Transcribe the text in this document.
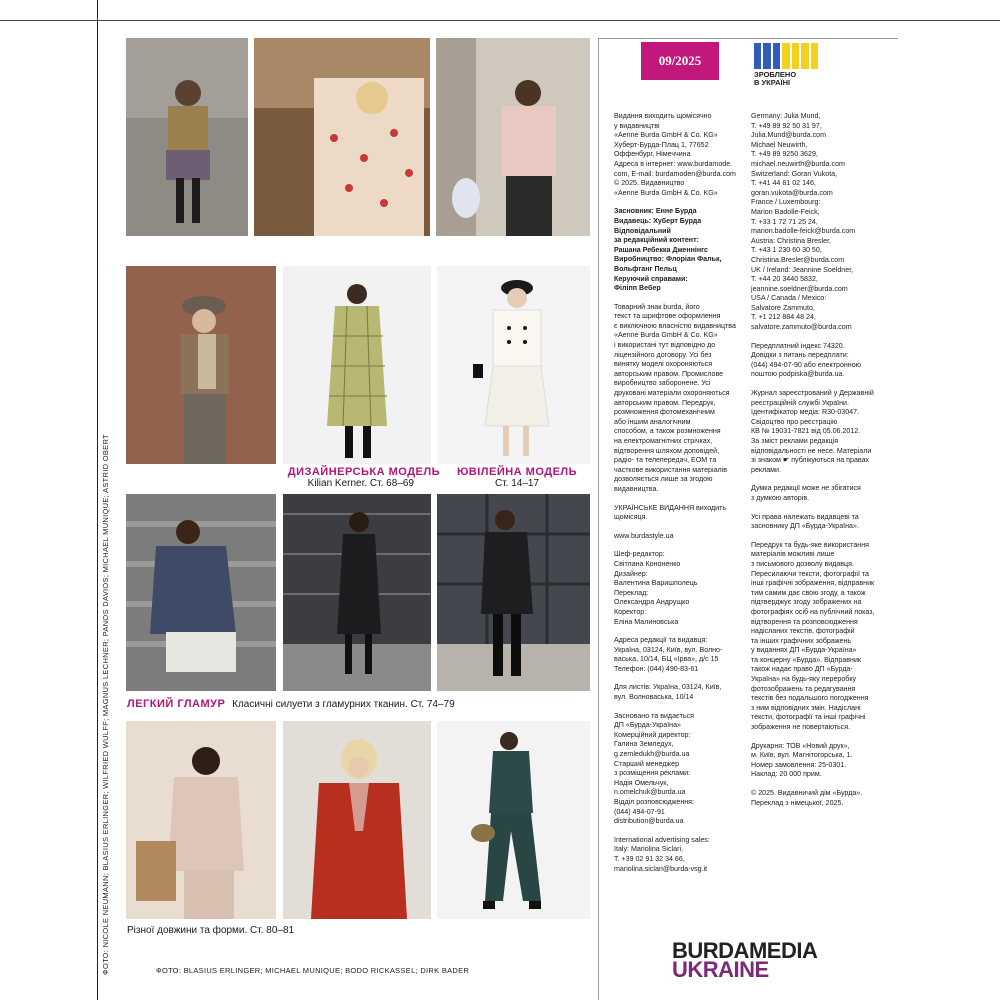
ФОТО: NICOLE NEUMANN; BLASIUS ERLINGER; WILFRIED WULFF; MAGNUS LECHNER; PANOS DAVIOS; MICHAEL MUNIQUE; ASTRID OBERT	ДИЗАЙНЕРСЬКА МОДЕЛЬ
Kilian Kerner. Ст. 68–69
ЮВІЛЕЙНА МОДЕЛЬ
Ст. 14–17
ЛЕГКИЙ ГЛАМУР Класичні силуети з гламурних тканин. Ст. 74–79
Різної довжини та форми. Ст. 80–81
ФОТО: BLASIUS ERLINGER; MICHAEL MUNIQUE; BODO RICKASSEL; DIRK BADER
09/2025
ЗРОБЛЕНО
В УКРАЇНІ

Видання виходить щомісячно
у видавництві
«Aenne Burda GmbH & Co. KG»
Хуберт-Бурда-Плац 1, 77652
Оффенбург, Німеччина
Адреса в інтернет: www.burdamode.
com, E-mail: burdamoden@burda.com
© 2025. Видавництво
«Aenne Burda GmbH & Co. KG»

Засновник: Енне Бурда
Видавець: Хуберт Бурда
Відповідальний
за редакційний контент:
Рашана Ребекка Дженнінгс
Виробництво: Флоріан Фальк,
Вольфганг Пельц
Керуючий справами:
Філіпп Вебер

Товарний знак burda, його
текст та шрифтове оформлення
є виключною власністю видавництва
«Aenne Burda GmbH & Co. KG»
і використані тут відповідно до
ліцензійного договору. Усі без
винятку моделі охороняються
авторським правом. Промислове
виробництво заборонене. Усі
друковані матеріали охороняються
авторським правом. Передрук,
розмноження фотомеханічним
або іншим аналогічним
способом, а також розмноження
на електромагнітних стрічках,
відтворення шляхом доповідей,
радіо- та телепередач, ЕОМ та
часткове використання матеріалів
дозволяється лише за згодою
видавництва.

УКРАЇНСЬКЕ ВИДАННЯ виходить
щомісяця.

www.burdastyle.ua

Шеф-редактор:
Світлана Кононенко
Дизайнер:
Валентина Варишполець
Переклад:
Олександра Андрущко
Коректор:
Еліна Малиновська

Адреса редакції та видавця:
Україна, 03124, Київ, вул. Волно-
васька, 10/14, БЦ «Ірва», д/с 15
Телефон: (044) 490-83-61

Для листів: Україна, 03124, Київ,
вул. Волноваська, 10/14

Засновано та видається
ДП «Бурда-Україна»
Комерційний директор:
Галина Земледух,
g.zemledukh@burda.ua
Старший менеджер
з розміщення реклами:
Надія Омельчук,
n.omelchuk@burda.ua
Відділ розповсюдження:
(044) 494-07-91
distribution@burda.ua

International advertising sales:
Italy: Mariolina Siclari,
T. +39 02 91 32 34 66,
mariolina.siclari@burda-vsg.it

Germany: Julia Mund,
T. +49 89 92 50 31 97,
Julia.Mund@burda.com
Michael Neuwirth,
T. +49 89 9250 3629,
michael.neuwirth@burda.com
Switzerland: Goran Vukota,
T. +41 44 81 02 146,
goran.vukota@burda.com
France / Luxembourg:
Marion Badolle-Feick,
T. +33 1 72 71 25 24,
marion.badolle-feick@burda.com
Austria: Christina Bresler,
T. +43 1 230 60 30 50,
Christina.Bresler@burda.com
UK / Ireland: Jeannine Soeldner,
T. +44 20 3440 5832,
jeannine.soeldner@burda.com
USA / Canada / Mexico:
Salvatore Zammuto,
T. +1 212 884 48 24,
salvatore.zammuto@burda.com

Передплатний індекс 74320.
Довідки з питань передплати:
(044) 494-07-90 або електронною
поштою podpiska@burda.ua.

Журнал зареєстрований у Державній
реєстраційній службі України.
Ідентифікатор медіа: R30-03047.
Свідоцтво про реєстрацію
КВ № 19031-7821 від 05.06.2012.
За зміст реклами редакція
відповідальності не несе. Матеріали
зі знаком ☛ публікуються на правах
реклами.

Думка редакції може не збігатися
з думкою авторів.

Усі права належать видавцеві та
засновнику ДП «Бурда-Україна».

Передрук та будь-яке використання
матеріалів можливі лише
з письмового дозволу видавця.
Пересилаючи тексти, фотографії та
інші графічні зображення, відправник
тим самим дає свою згоду, а також
підтверджує згоду зображених на
фотографіях осіб на публічний показ,
відтворення та розповсюдження
надісланих текстів, фотографій
та інших графічних зображень
у виданнях ДП «Бурда-Україна»
та концерну «Бурда». Відправник
також надає право ДП «Бурда-
Україна» на будь-яку переробку
фотозображень та редагування
текстів без подальшого погодження
з ним відповідних змін. Надіслані
тексти, фотографії та інші графічні
зображення не повертаються.

Друкарня: ТОВ «Новий друк»,
м. Київ, вул. Магнітогорська, 1.
Номер замовлення: 25-0301.
Наклад: 20 000 прим.

© 2025. Видавничий дім «Бурда».
Переклад з німецької, 2025.

BURDAMEDIA
UKRAINE
